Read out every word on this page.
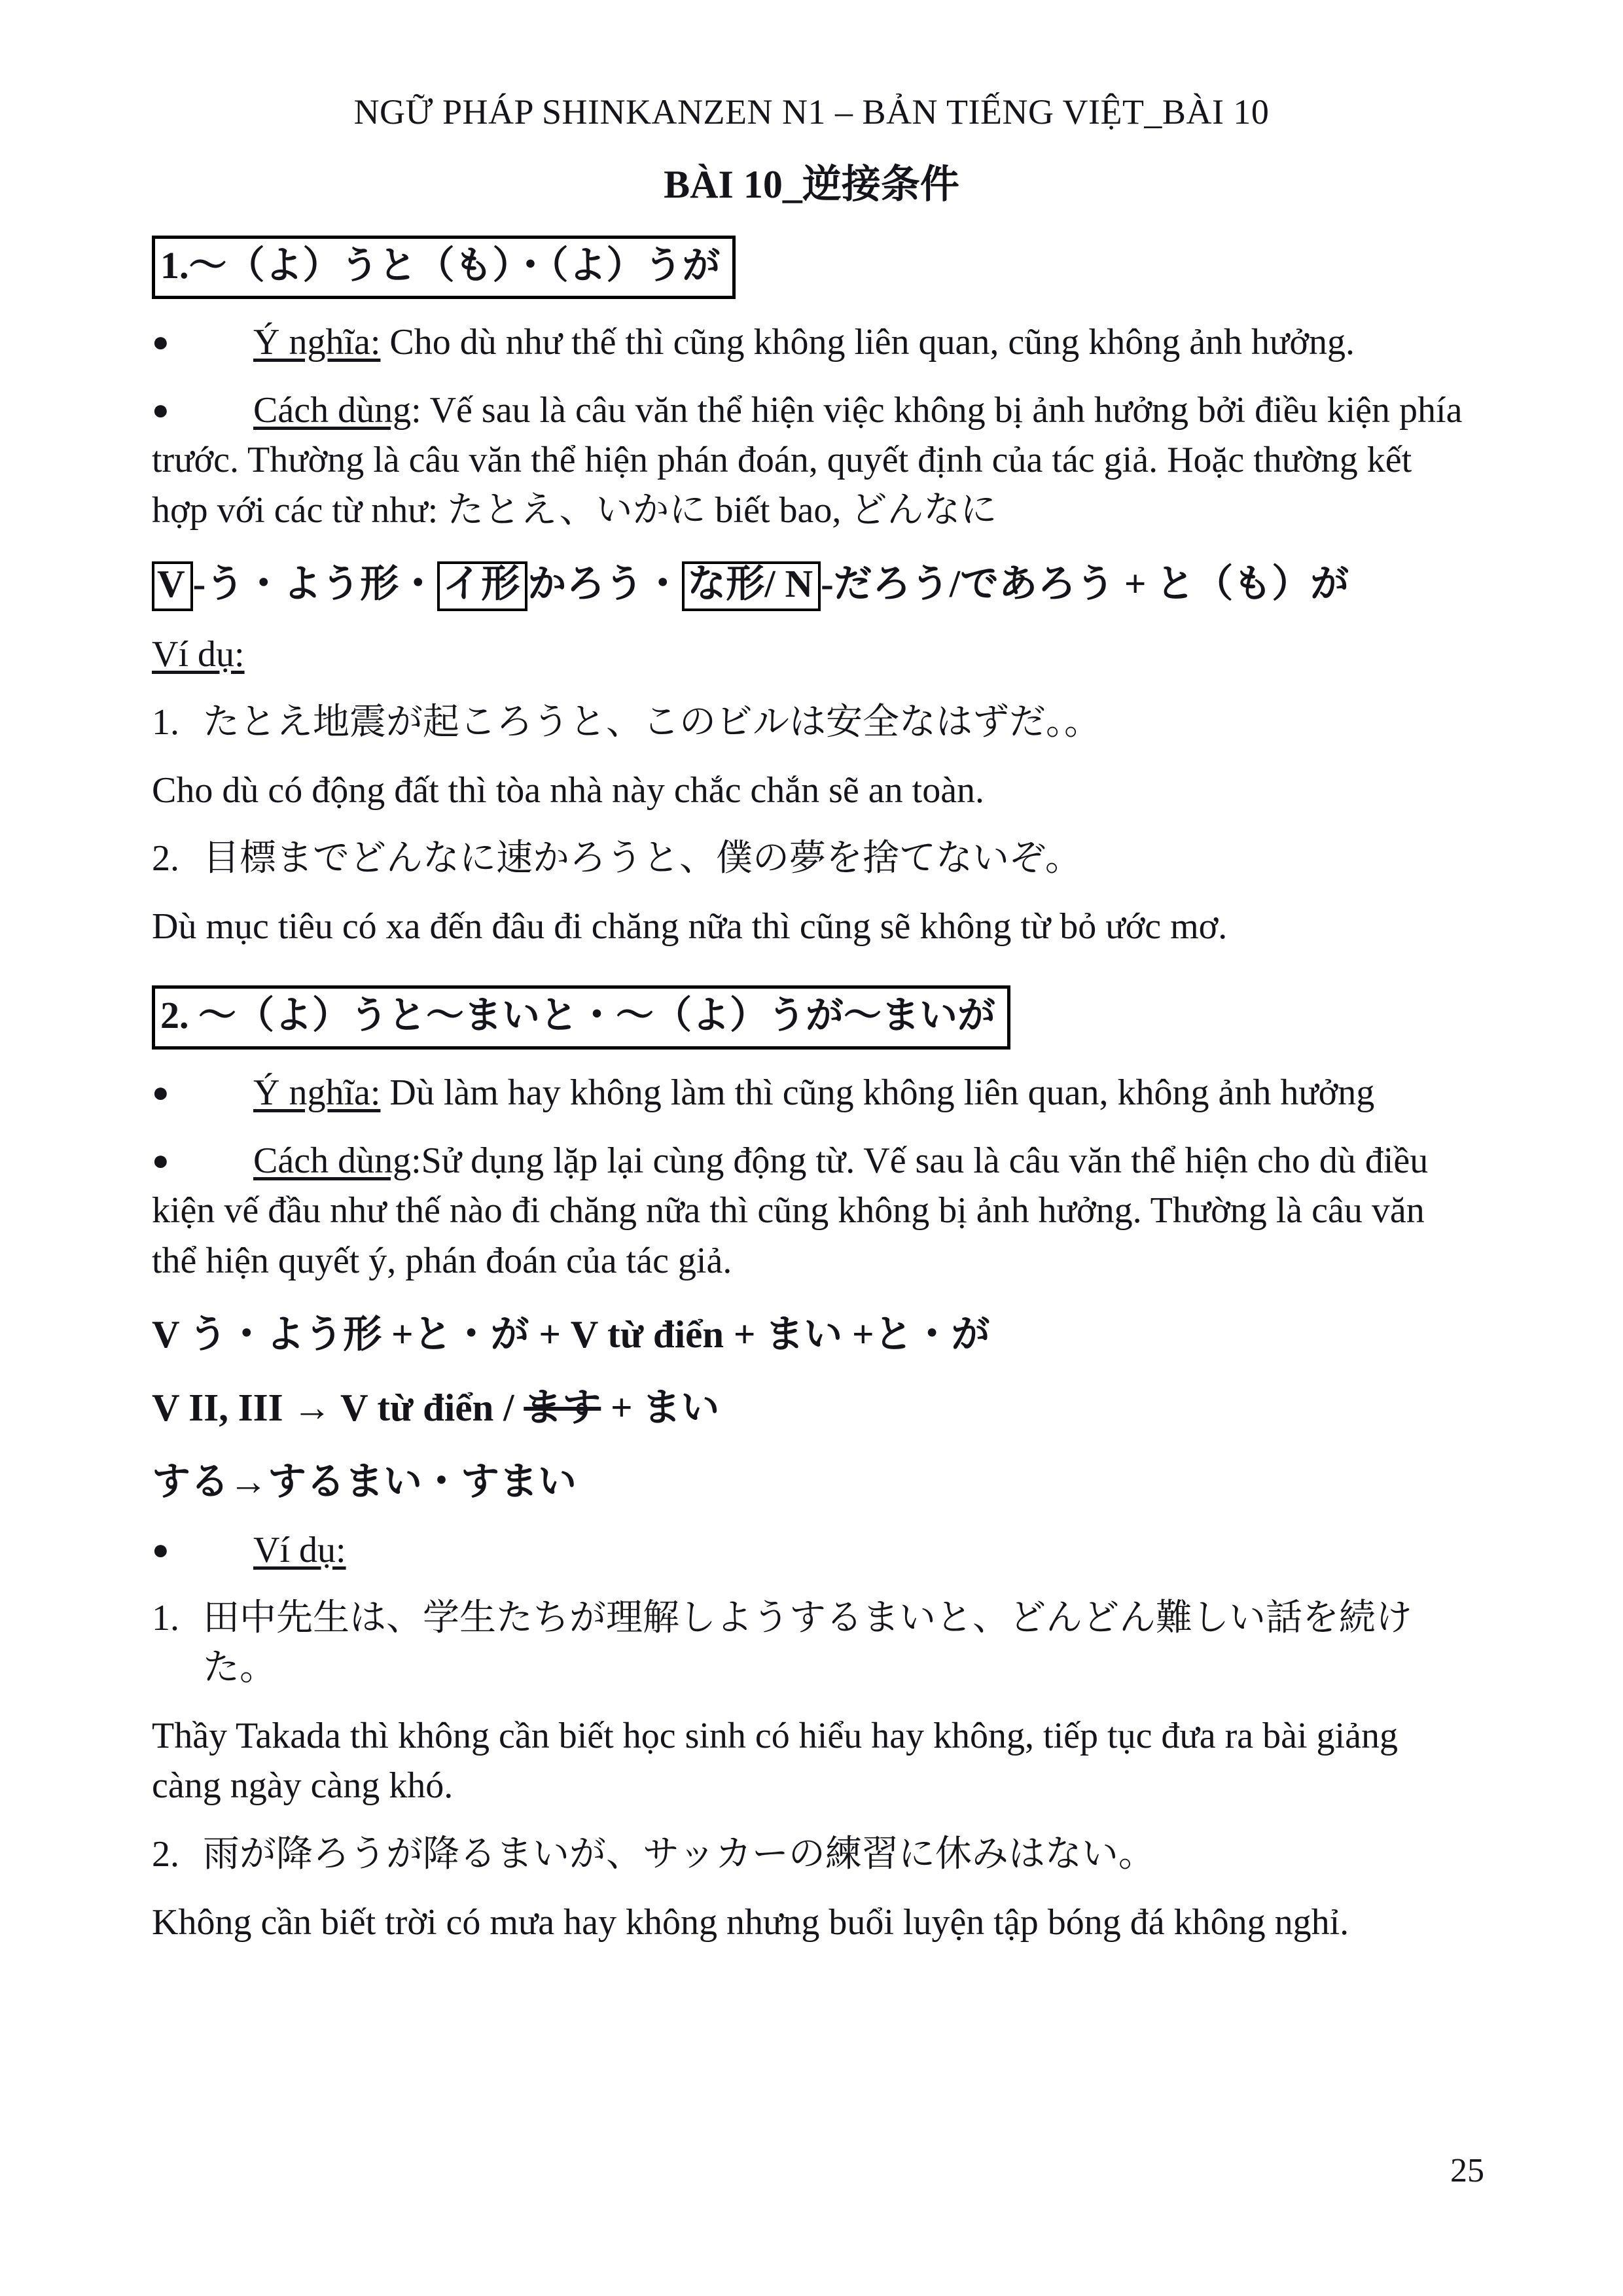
NGỮ PHÁP SHINKANZEN N1 – BẢN TIẾNG VIỆT_BÀI 10
BÀI 10_逆接条件
1.～（よ）うと（も）・（よ）うが

● Ý nghĩa: Cho dù như thế thì cũng không liên quan, cũng không ảnh hưởng.

● Cách dùng: Vế sau là câu văn thể hiện việc không bị ảnh hưởng bởi điều kiện phía trước. Thường là câu văn thể hiện phán đoán, quyết định của tác giả. Hoặc thường kết hợp với các từ như: たとえ、いかに biết bao, どんなに

V -う・よう形・ イ形 かろう・ な形/ N -だろう/であろう + と（も）が

Ví dụ:

1. たとえ地震が起ころうと、このビルは安全なはずだ。。

Cho dù có động đất thì tòa nhà này chắc chắn sẽ an toàn.

2. 目標までどんなに速かろうと、僕の夢を捨てないぞ。

Dù mục tiêu có xa đến đâu đi chăng nữa thì cũng sẽ không từ bỏ ước mơ.

2. ～（よ）うと～まいと・～（よ）うが～まいが

● Ý nghĩa: Dù làm hay không làm thì cũng không liên quan, không ảnh hưởng

● Cách dùng:Sử dụng lặp lại cùng động từ. Vế sau là câu văn thể hiện cho dù điều kiện vế đầu như thế nào đi chăng nữa thì cũng không bị ảnh hưởng. Thường là câu văn thể hiện quyết ý, phán đoán của tác giả.

V う・よう形 +と・が + V từ điển + まい +と・が

V II, III → V từ điển / ます + まい

する→するまい・すまい

● Ví dụ:

1. 田中先生は、学生たちが理解しようするまいと、どんどん難しい話を続けた。

Thầy Takada thì không cần biết học sinh có hiểu hay không, tiếp tục đưa ra bài giảng càng ngày càng khó.

2. 雨が降ろうが降るまいが、サッカーの練習に休みはない。

Không cần biết trời có mưa hay không nhưng buổi luyện tập bóng đá không nghỉ.

25
